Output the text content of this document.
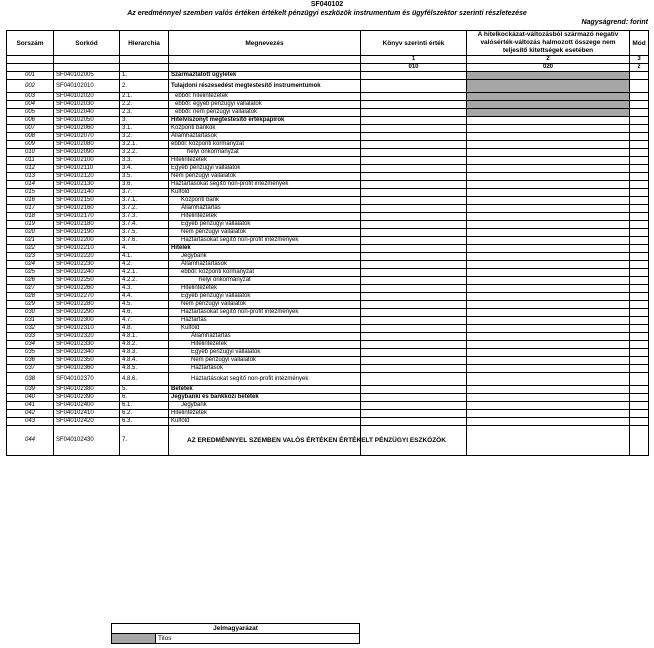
SF040102
Az eredménnyel szemben valós értéken értékelt pénzügyi eszközök instrumentum és ügyfélszektor szerinti részletezése
Nagyságrend: forint
Sorszám	Sorkód	Hierarchia	Megnevezés	Könyv szerinti érték	A hitelkockázat-változásból származó negatív valósérték-változás halmozott összege nem teljesítő kitettségek esetében	Mód
				1	2	3
				010	020	z
001	SF040102005	1.	Származtatott ügyletek			
002	SF040102010	2.	Tulajdoni részesedést megtestesítő instrumentumok			
003	SF040102020	2.1.	ebből: hitelintézetek			
004	SF040102030	2.2.	ebből: egyéb pénzügyi vállalatok			
005	SF040102040	2.3.	ebből: nem pénzügyi vállalatok			
006	SF040102050	3.	Hitelviszonyt megtestesítő értékpapírok			
007	SF040102060	3.1.	Központi bankok			
008	SF040102070	3.2.	Államháztartások			
009	SF040102080	3.2.1.	ebből: központi kormányzat			
010	SF040102090	3.2.2.	helyi önkormányzat			
011	SF040102100	3.3.	Hitelintézetek			
012	SF040102110	3.4.	Egyéb pénzügyi vállalatok			
013	SF040102120	3.5.	Nem pénzügyi vállalatok			
014	SF040102130	3.6.	Háztartásokat segítő non-profit intézmények			
015	SF040102140	3.7.	Külföld			
016	SF040102150	3.7.1.	Központi bank			
017	SF040102160	3.7.2.	Államháztartás			
018	SF040102170	3.7.3.	Hitelintézetek			
019	SF040102180	3.7.4.	Egyéb pénzügyi vállalatok			
020	SF040102190	3.7.5.	Nem pénzügyi vállalatok			
021	SF040102200	3.7.6.	Háztartásokat segítő non-profit intézmények			
022	SF040102210	4.	Hitelek			
023	SF040102220	4.1.	Jegybank			
024	SF040102230	4.2.	Államháztartások			
025	SF040102240	4.2.1.	ebből: központi kormányzat			
026	SF040102250	4.2.2.	helyi önkormányzat			
027	SF040102260	4.3.	Hitelintézetek			
028	SF040102270	4.4.	Egyéb pénzügyi vállalatok			
029	SF040102280	4.5.	Nem pénzügyi vállalatok			
030	SF040102290	4.6.	Háztartásokat segítő non-profit intézmények			
031	SF040102300	4.7.	Háztartás			
032	SF040102310	4.8.	Külföld			
033	SF040102320	4.8.1.	Államháztartás			
034	SF040102330	4.8.2.	Hitelintézetek			
035	SF040102340	4.8.3.	Egyéb pénzügyi vállalatok			
036	SF040102350	4.8.4.	Nem pénzügyi vállalatok			
037	SF040102360	4.8.5.	Háztartások			
038	SF040102370	4.8.6.	Háztartásokat segítő non-profit intézmények			
039	SF040102380	5.	Betétek			
040	SF040102390	6.	Jegybanki és bankközi betétek			
041	SF040102400	6.1.	Jegybank			
042	SF040102410	6.2.	Hitelintézetek			
043	SF040102420	6.3.	Külföld			
044	SF040102430	7.	AZ EREDMÉNNYEL SZEMBEN VALÓS ÉRTÉKEN ÉRTÉKELT PÉNZÜGYI ESZKÖZÖK			
Jelmagyarázat
	Tilos
